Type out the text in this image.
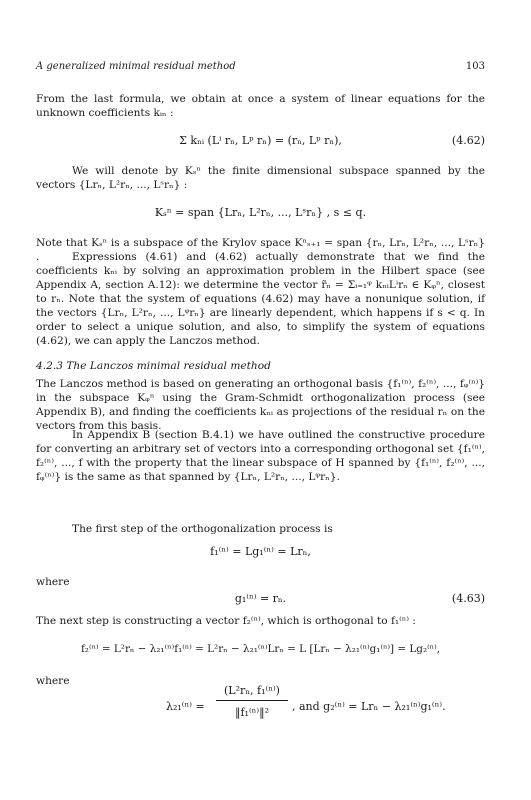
A generalized minimal residual method	103

From the last formula, we obtain at once a system of linear equations for the unknown coefficients kᵢₙ :

Σ kₙᵢ (Lⁱ rₙ, Lᵖ rₙ) = (rₙ, Lᵖ rₙ),	(4.62)

We will denote by Kₛⁿ the finite dimensional subspace spanned by the vectors {Lrₙ, L²rₙ, ..., Lˢrₙ} :

Kₛⁿ = span {Lrₙ, L²rₙ, ..., Lˢrₙ} , s ≤ q.

Note that Kₛⁿ is a subspace of the Krylov space Kⁿₛ₊₁ = span {rₙ, Lrₙ, L²rₙ, ..., Lˢrₙ} .	Expressions (4.61) and (4.62) actually demonstrate that we find the coefficients kₙᵢ by solving an approximation problem in the Hilbert space (see Appendix A, section A.12): we determine the vector r̃ₙ = Σᵢ₌₁ᵠ kₙᵢLⁱrₙ ∈ Kᵩⁿ, closest to rₙ. Note that the system of equations (4.62) may have a nonunique solution, if the vectors {Lrₙ, L²rₙ, ..., Lᵠrₙ} are linearly dependent, which happens if s < q. In order to select a unique solution, and also, to simplify the system of equations (4.62), we can apply the Lanczos method.

4.2.3 The Lanczos minimal residual method

The Lanczos method is based on generating an orthogonal basis {f₁⁽ⁿ⁾, f₂⁽ⁿ⁾, ..., fᵩ⁽ⁿ⁾} in the subspace Kᵩⁿ using the Gram-Schmidt orthogonalization process (see Appendix B), and finding the coefficients kₙᵢ as projections of the residual rₙ on the vectors from this basis.

In Appendix B (section B.4.1) we have outlined the constructive procedure for converting an arbitrary set of vectors into a corresponding orthogonal set {f₁⁽ⁿ⁾, f₂⁽ⁿ⁾, ..., f with the property that the linear subspace of H spanned by {f₁⁽ⁿ⁾, f₂⁽ⁿ⁾, ..., fᵩ⁽ⁿ⁾} is the same as that spanned by {Lrₙ, L²rₙ, ..., Lᵠrₙ}.

The first step of the orthogonalization process is

f₁⁽ⁿ⁾ = Lg₁⁽ⁿ⁾ = Lrₙ,
where
g₁⁽ⁿ⁾ = rₙ.	(4.63)

The next step is constructing a vector f₂⁽ⁿ⁾, which is orthogonal to f₁⁽ⁿ⁾ :

f₂⁽ⁿ⁾ = L²rₙ − λ₂₁⁽ⁿ⁾f₁⁽ⁿ⁾ = L²rₙ − λ₂₁⁽ⁿ⁾Lrₙ = L [Lrₙ − λ₂₁⁽ⁿ⁾g₁⁽ⁿ⁾] = Lg₂⁽ⁿ⁾,
where
λ₂₁⁽ⁿ⁾ =
(L²rₙ, f₁⁽ⁿ⁾)
‖f₁⁽ⁿ⁾‖²	, and g₂⁽ⁿ⁾ = Lrₙ − λ₂₁⁽ⁿ⁾g₁⁽ⁿ⁾.
